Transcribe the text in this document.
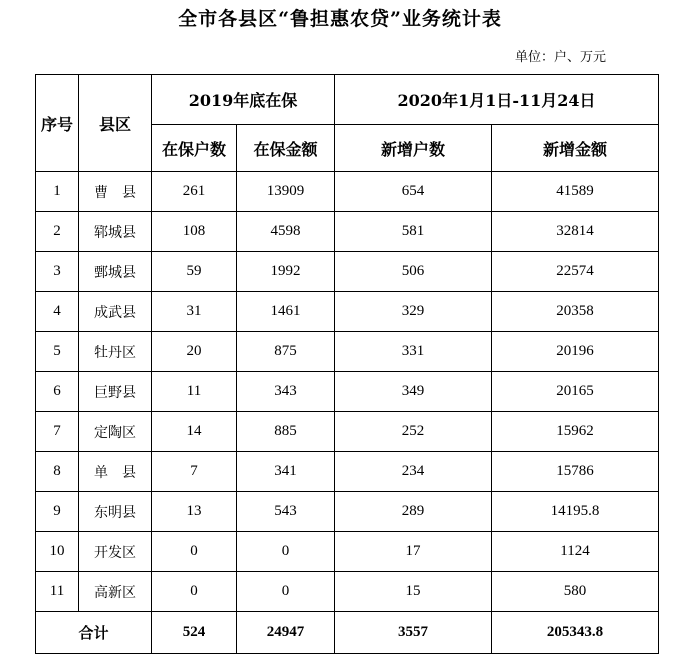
全市各县区“鲁担惠农贷”业务统计表
单位：户、万元
序号	县区	2019年底在保		2020年1月1日-11月24日	
		在保户数	在保金额	新增户数	新增金额
1	曹　县	261	13909	654	41589
2	郓城县	108	4598	581	32814
3	鄄城县	59	1992	506	22574
4	成武县	31	1461	329	20358
5	牡丹区	20	875	331	20196
6	巨野县	11	343	349	20165
7	定陶区	14	885	252	15962
8	单　县	7	341	234	15786
9	东明县	13	543	289	14195.8
10	开发区	0	0	17	1124
11	高新区	0	0	15	580
合计		524	24947	3557	205343.8
